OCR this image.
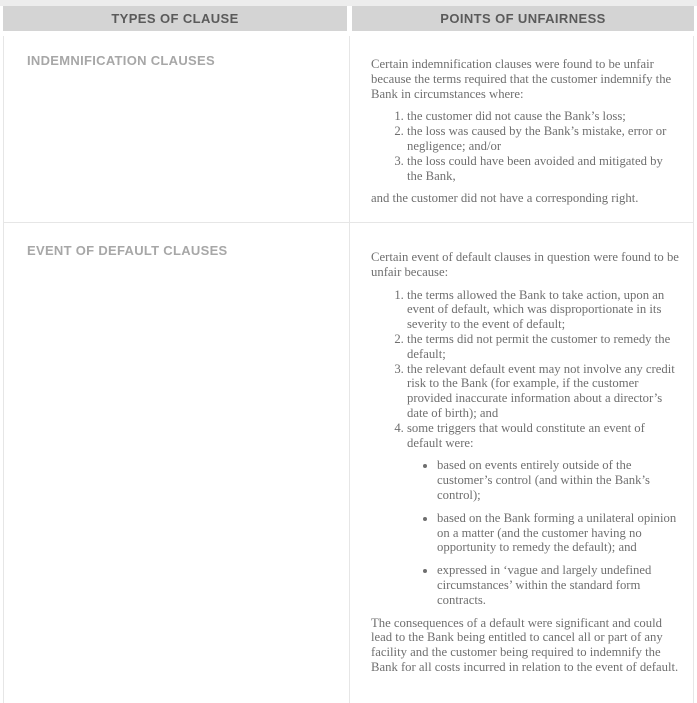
TYPES OF CLAUSE	POINTS OF UNFAIRNESS
INDEMNIFICATION CLAUSES	Certain indemnification clauses were found to be unfair because the terms required that the customer indemnify the Bank in circumstances where:

1. the customer did not cause the Bank’s loss;
2. the loss was caused by the Bank’s mistake, error or negligence; and/or
3. the loss could have been avoided and mitigated by the Bank,

and the customer did not have a corresponding right.

EVENT OF DEFAULT CLAUSES	Certain event of default clauses in question were found to be unfair because:

1. the terms allowed the Bank to take action, upon an event of default, which was disproportionate in its severity to the event of default;
2. the terms did not permit the customer to remedy the default;
3. the relevant default event may not involve any credit risk to the Bank (for example, if the customer provided inaccurate information about a director’s date of birth); and
4. some triggers that would constitute an event of default were:
• based on events entirely outside of the customer’s control (and within the Bank’s control);
• based on the Bank forming a unilateral opinion on a matter (and the customer having no opportunity to remedy the default); and
• expressed in ‘vague and largely undefined circumstances’ within the standard form contracts.

The consequences of a default were significant and could lead to the Bank being entitled to cancel all or part of any facility and the customer being required to indemnify the Bank for all costs incurred in relation to the event of default.
